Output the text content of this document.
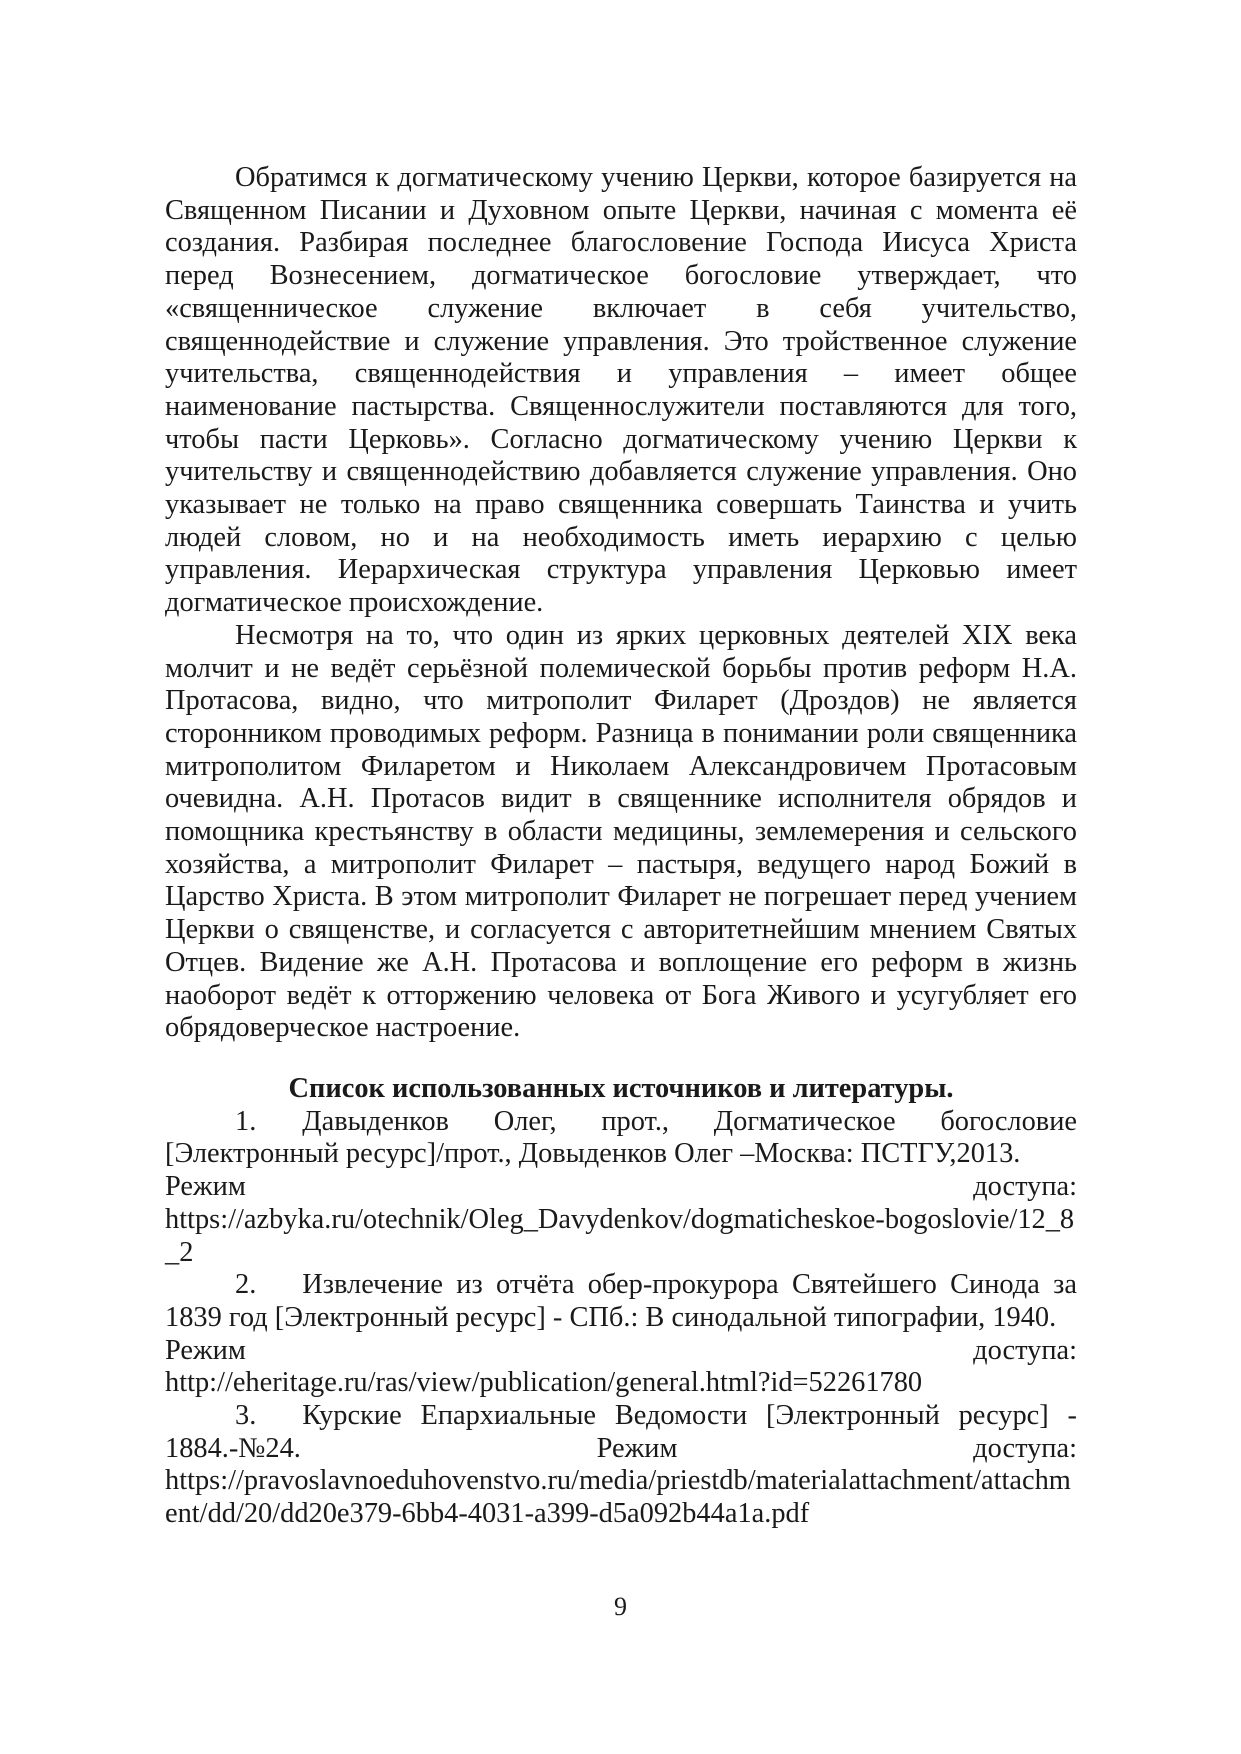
Обратимся к догматическому учению Церкви, которое базируется на Священном Писании и Духовном опыте Церкви, начиная с момента её создания. Разбирая последнее благословение Господа Иисуса Христа перед Вознесением, догматическое богословие утверждает, что «священническое служение включает в себя учительство, священнодействие и служение управления. Это тройственное служение учительства, священнодействия и управления – имеет общее наименование пастырства. Священнослужители поставляются для того, чтобы пасти Церковь». Согласно догматическому учению Церкви к учительству и священнодействию добавляется служение управления. Оно указывает не только на право священника совершать Таинства и учить людей словом, но и на необходимость иметь иерархию с целью управления. Иерархическая структура управления Церковью имеет догматическое происхождение.

Несмотря на то, что один из ярких церковных деятелей XIX века молчит и не ведёт серьёзной полемической борьбы против реформ Н.А. Протасова, видно, что митрополит Филарет (Дроздов) не является сторонником проводимых реформ. Разница в понимании роли священника митрополитом Филаретом и Николаем Александровичем Протасовым очевидна. А.Н. Протасов видит в священнике исполнителя обрядов и помощника крестьянству в области медицины, землемерения и сельского хозяйства, а митрополит Филарет – пастыря, ведущего народ Божий в Царство Христа. В этом митрополит Филарет не погрешает перед учением Церкви о священстве, и согласуется с авторитетнейшим мнением Святых Отцев. Видение же А.Н. Протасова и воплощение его реформ в жизнь наоборот ведёт к отторжению человека от Бога Живого и усугубляет его обрядоверческое настроение.

Список использованных источников и литературы.

1. Давыденков Олег, прот., Догматическое богословие [Электронный ресурс]/прот., Довыденков Олег –Москва: ПСТГУ,2013.
Режим	доступа:
https://azbyka.ru/otechnik/Oleg_Davydenkov/dogmaticheskoe-bogoslovie/12_8_2
2. Извлечение из отчёта обер-прокурора Святейшего Синода за 1839 год [Электронный ресурс] - СПб.: В синодальной типографии, 1940.
Режим	доступа:
http://eheritage.ru/ras/view/publication/general.html?id=52261780
3. Курские Епархиальные Ведомости [Электронный ресурс] -
1884.-№24.	Режим	доступа:
https://pravoslavnoeduhovenstvo.ru/media/priestdb/materialattachment/attachment/dd/20/dd20e379-6bb4-4031-a399-d5a092b44a1a.pdf
9
